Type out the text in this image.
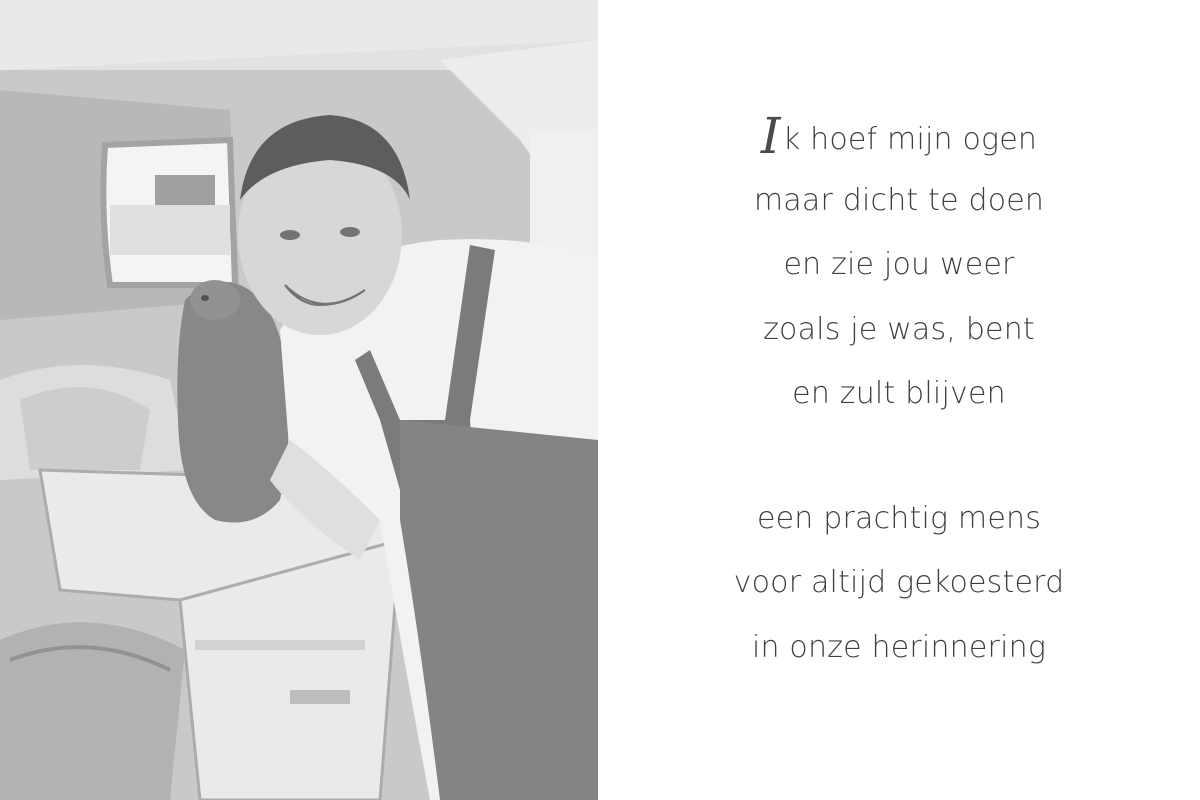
Ik hoef mijn ogen
maar dicht te doen
en zie jou weer
zoals je was, bent
en zult blijven
een prachtig mens
voor altijd gekoesterd
in onze herinnering
